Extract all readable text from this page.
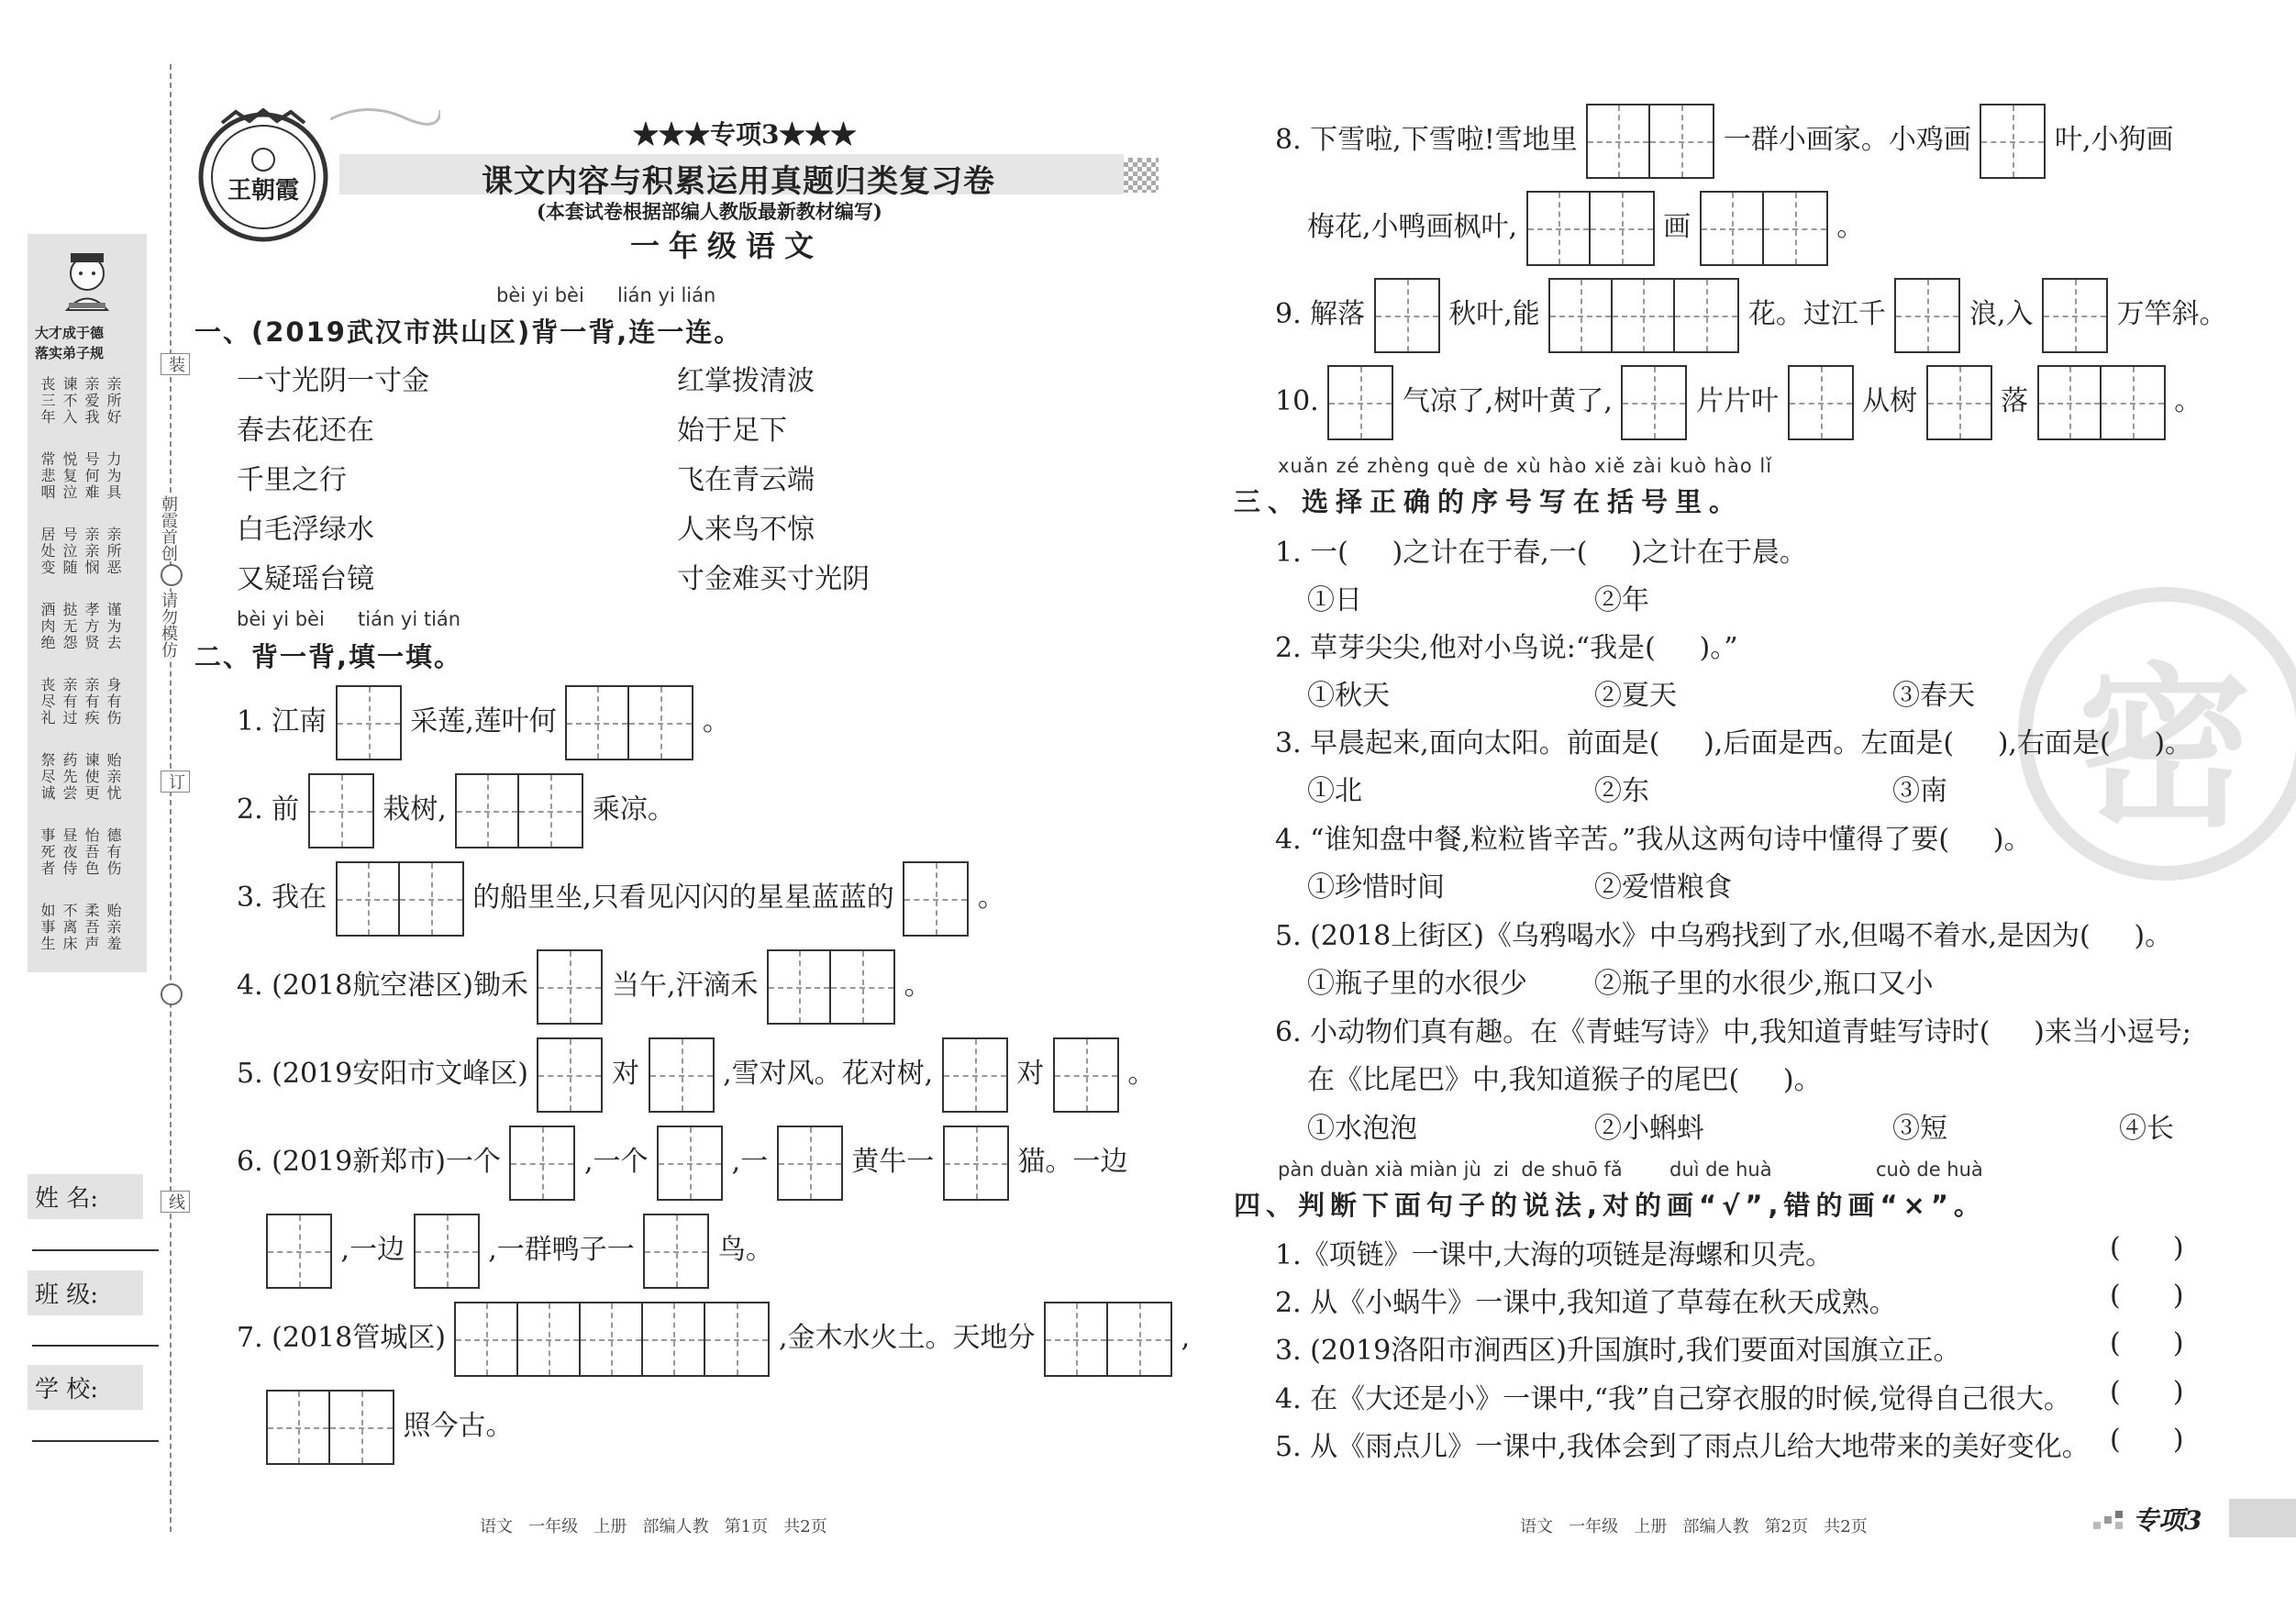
大才成于德
落实弟子规
丧三年 谏不入 亲爱我 亲所好
常悲咽 悦复泣 号何难 力为具
居处变 号泣随 亲亲悯 亲所恶
酒肉绝 挞无怨 孝方贤 谨为去
丧尽礼 亲有过 亲有疾 身有伤
祭尽诚 药先尝 谏使更 贻亲忧
事死者 昼夜侍 怡吾色 德有伤
如事生 不离床 柔吾声 贻亲羞
装
朝霞首创
请勿模仿
订
线
姓 名:
班 级:
学 校:
王朝霞
★★★专项3★★★
课文内容与积累运用真题归类复习卷
(本套试卷根据部编人教版最新教材编写)
一年级语文
bèi yi bèi lián yi lián
一、(2019武汉市洪山区)背一背,连一连。
一寸光阴一寸金
春去花还在
千里之行
白毛浮绿水
又疑瑶台镜
红掌拨清波
始于足下
飞在青云端
人来鸟不惊
寸金难买寸光阴
bèi yi bèi tián yi tián
二、背一背,填一填。
1. 江南	采莲,莲叶何	。
2. 前	栽树,	乘凉。
3. 我在	的船里坐,只看见闪闪的星星蓝蓝的	。
4. (2018航空港区)锄禾	当午,汗滴禾	。
5. (2019安阳市文峰区)	对	,雪对风。花对树,	对	。
6. (2019新郑市)一个	,一个	,一	黄牛一	猫。一边
,一边	,一群鸭子一	鸟。
7. (2018管城区)	,金木水火土。天地分	,
照今古。
语文   一年级   上册   部编人教   第1页   共2页
密
8. 下雪啦,下雪啦!雪地里	一群小画家。小鸡画	叶,小狗画
梅花,小鸭画枫叶,	画	。
9. 解落	秋叶,能	花。过江千	浪,入	万竿斜。
10.	气凉了,树叶黄了,	片片叶	从树	落	。
xuǎn zé zhèng què de xù hào xiě zài kuò hào lǐ
三、选择正确的序号写在括号里。
1. 一(     )之计在于春,一(     )之计在于晨。
①日	②年
2. 草芽尖尖,他对小鸟说:“我是(     )。”
①秋天	②夏天	③春天
3. 早晨起来,面向太阳。前面是(     ),后面是西。左面是(     ),右面是(     )。
①北	②东	③南
4. “谁知盘中餐,粒粒皆辛苦。”我从这两句诗中懂得了要(     )。
①珍惜时间	②爱惜粮食
5. (2018上街区)《乌鸦喝水》中乌鸦找到了水,但喝不着水,是因为(     )。
①瓶子里的水很少 ②瓶子里的水很少,瓶口又小
6. 小动物们真有趣。在《青蛙写诗》中,我知道青蛙写诗时(     )来当小逗号;
在《比尾巴》中,我知道猴子的尾巴(     )。
①水泡泡	②小蝌蚪	③短	④长
pàn duàn xià miàn jù  zi  de shuō fǎ duì de huà	cuò de huà
四、判断下面句子的说法,对的画“√”,错的画“×”。
1.《项链》一课中,大海的项链是海螺和贝壳。	(      )
2. 从《小蜗牛》一课中,我知道了草莓在秋天成熟。	(      )
3. (2019洛阳市涧西区)升国旗时,我们要面对国旗立正。	(      )
4. 在《大还是小》一课中,“我”自己穿衣服的时候,觉得自己很大。 (      )
5. 从《雨点儿》一课中,我体会到了雨点儿给大地带来的美好变化。 (      )
语文   一年级   上册   部编人教   第2页   共2页	专项3
